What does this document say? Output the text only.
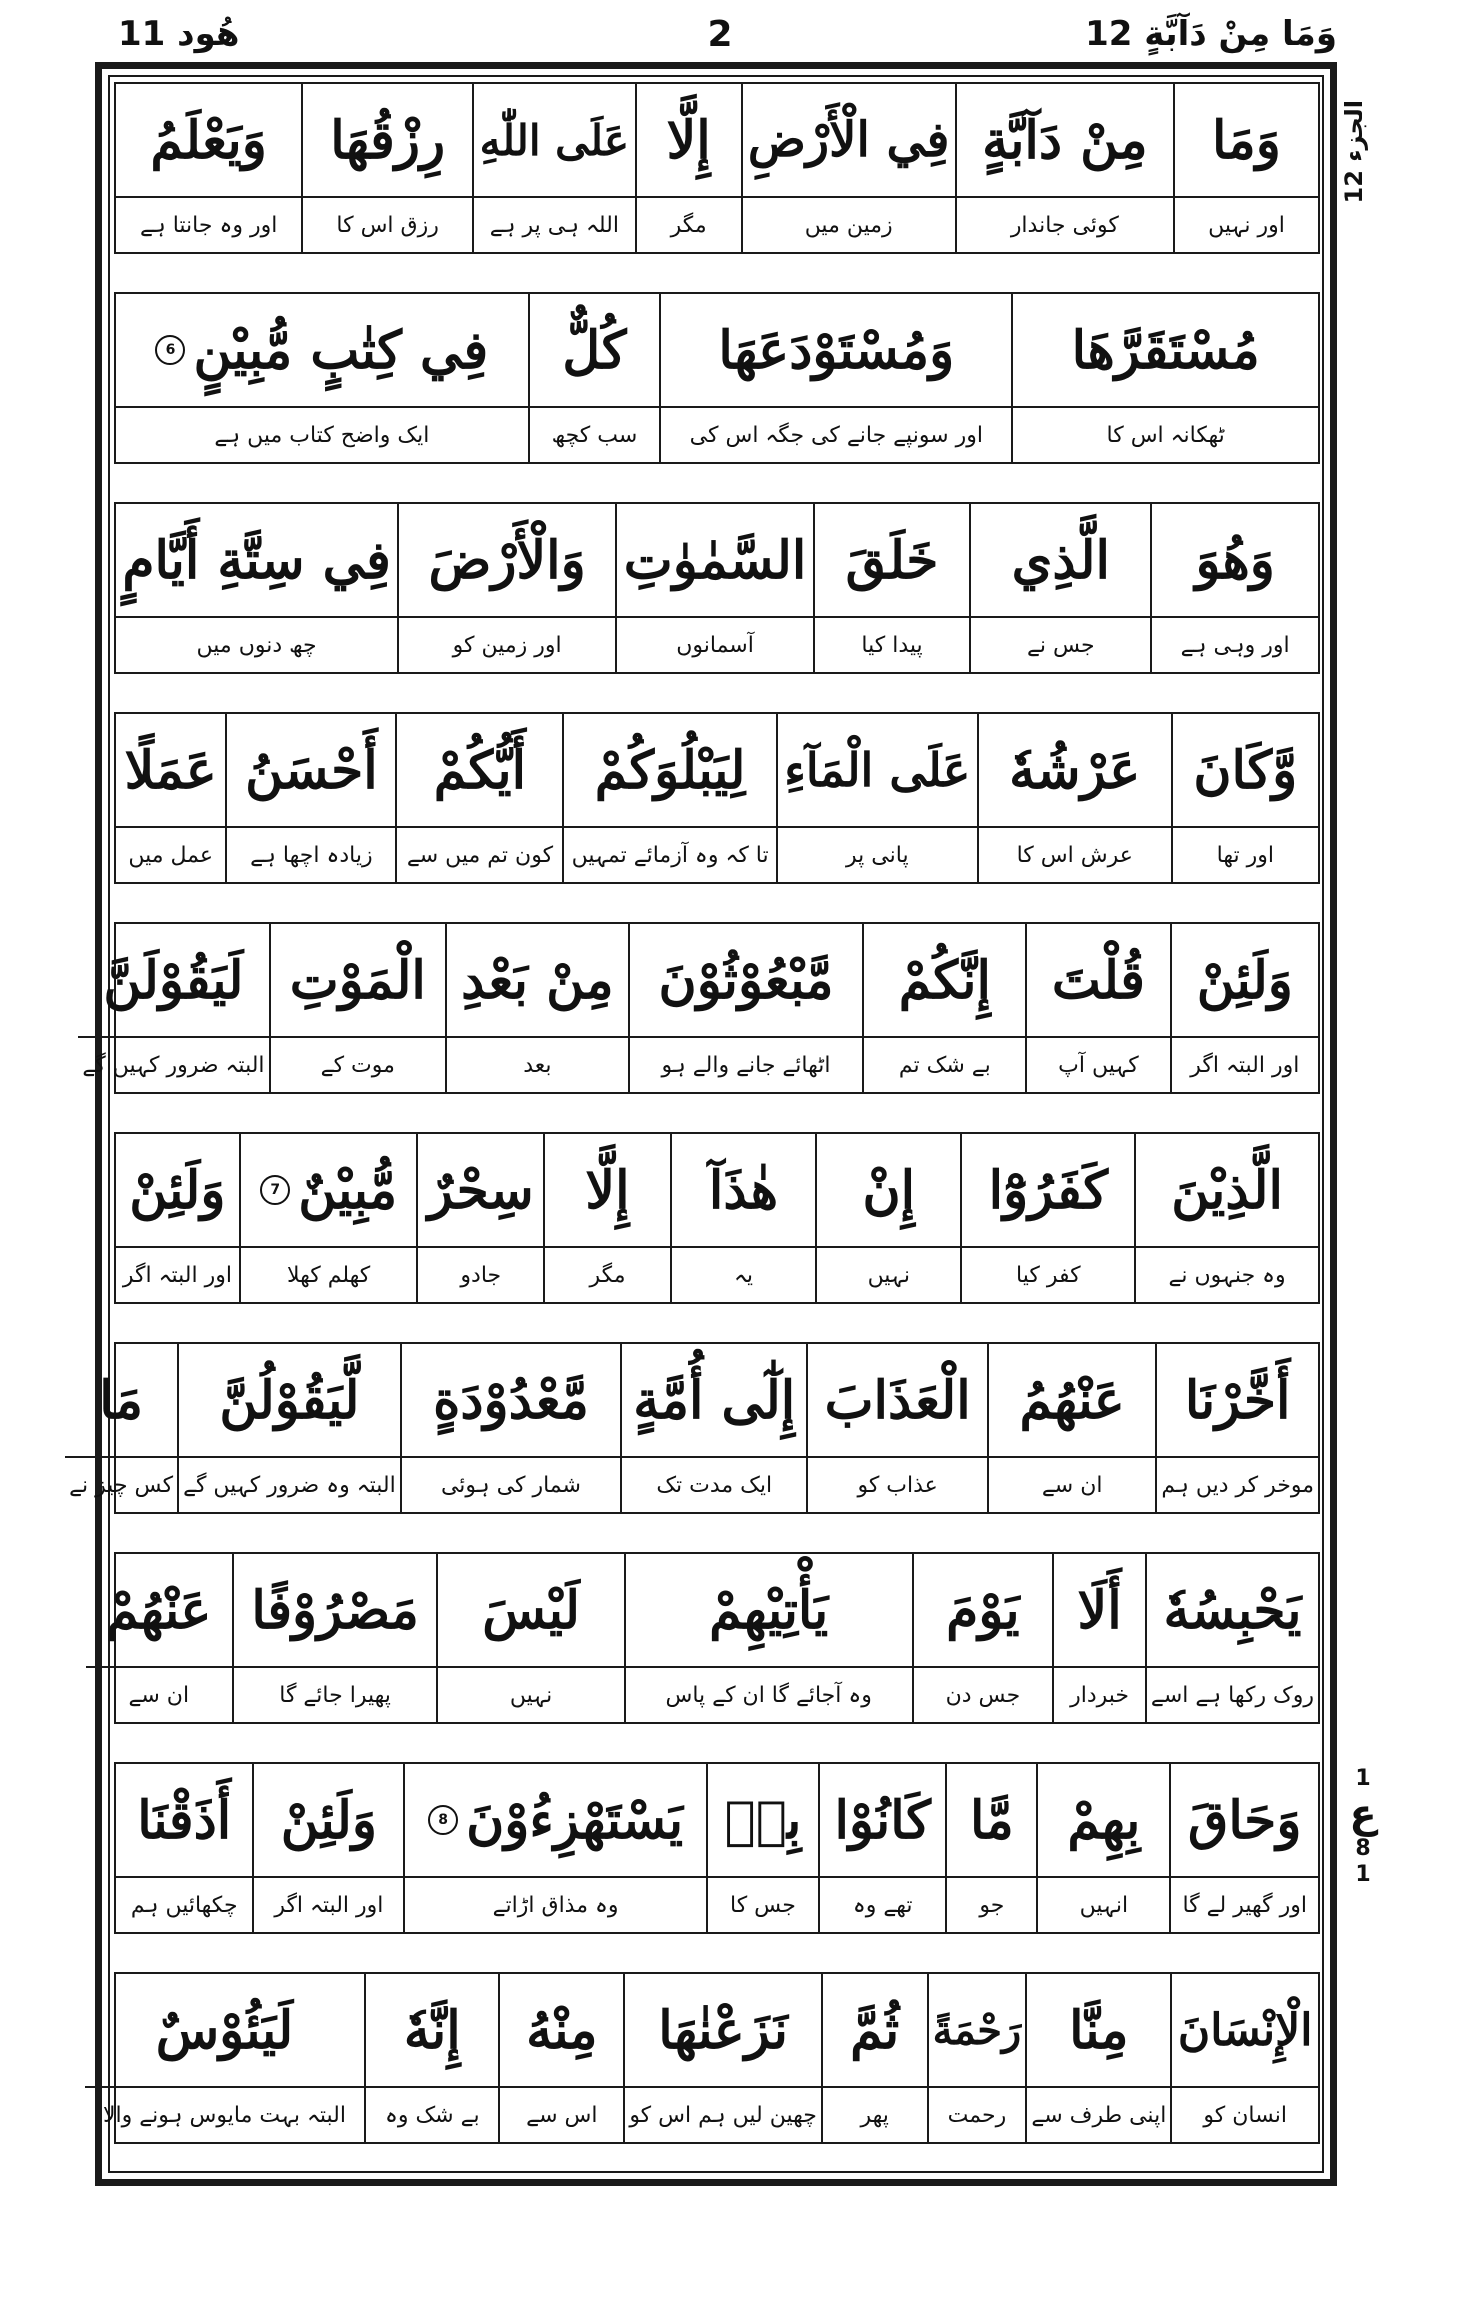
هُود 11	2	وَمَا مِنْ دَآبَّةٍ 12
الجزء 12
1
ع
8
1
وَمَا
اور نہیں
مِنْ دَآبَّةٍ
کوئی جاندار
فِي الْأَرْضِ
زمین میں
إِلَّا
مگر
عَلَى اللّٰهِ
اللہ ہی پر ہے
رِزْقُهَا
رزق اس کا
وَيَعْلَمُ
اور وہ جانتا ہے
مُسْتَقَرَّهَا
ٹھکانہ اس کا
وَمُسْتَوْدَعَهَا
اور سونپے جانے کی جگہ اس کی
كُلٌّ
سب کچھ
فِي كِتٰبٍ مُّبِيْنٍ
6
ایک واضح کتاب میں ہے
وَهُوَ
اور وہی ہے
الَّذِي
جس نے
خَلَقَ
پیدا کیا
السَّمٰوٰتِ
آسمانوں
وَالْأَرْضَ
اور زمین کو
فِي سِتَّةِ أَيَّامٍ
چھ دنوں میں
وَّكَانَ
اور تھا
عَرْشُهٗ
عرش اس کا
عَلَى الْمَآءِ
پانی پر
لِيَبْلُوَكُمْ
تا کہ وہ آزمائے تمہیں
أَيُّكُمْ
کون تم میں سے
أَحْسَنُ
زیادہ اچھا ہے
عَمَلًا
عمل میں
وَلَئِنْ
اور البتہ اگر
قُلْتَ
کہیں آپ
إِنَّكُمْ
بے شک تم
مَّبْعُوْثُوْنَ
اٹھائے جانے والے ہو
مِنْ بَعْدِ
بعد
الْمَوْتِ
موت کے
لَيَقُوْلَنَّ
البتہ ضرور کہیں گے
الَّذِيْنَ
وہ جنہوں نے
كَفَرُوْٓا
کفر کیا
إِنْ
نہیں
هٰذَآ
یہ
إِلَّا
مگر
سِحْرٌ
جادو
مُّبِيْنٌ
7
کھلم کھلا
وَلَئِنْ
اور البتہ اگر
أَخَّرْنَا
موخر کر دیں ہم
عَنْهُمُ
ان سے
الْعَذَابَ
عذاب کو
إِلٰٓى أُمَّةٍ
ایک مدت تک
مَّعْدُوْدَةٍ
شمار کی ہوئی
لَّيَقُوْلُنَّ
البتہ وہ ضرور کہیں گے
مَا
کس چیز نے
يَحْبِسُهٗ
روک رکھا ہے اسے
أَلَا
خبردار
يَوْمَ
جس دن
يَأْتِيْهِمْ
وہ آجائے گا ان کے پاس
لَيْسَ
نہیں
مَصْرُوْفًا
پھیرا جائے گا
عَنْهُمْ
ان سے
وَحَاقَ
اور گھیر لے گا
بِهِمْ
انہیں
مَّا
جو
كَانُوْا
تھے وہ
بِهٖ
جس کا
يَسْتَهْزِءُوْنَ
8
وہ مذاق اڑاتے
وَلَئِنْ
اور البتہ اگر
أَذَقْنَا
چکھائیں ہم
الْإِنْسَانَ
انسان کو
مِنَّا
اپنی طرف سے
رَحْمَةً
رحمت
ثُمَّ
پھر
نَزَعْنٰهَا
چھین لیں ہم اس کو
مِنْهُ
اس سے
إِنَّهٗ
بے شک وہ
لَيَئُوْسٌ
البتہ بہت مایوس ہونے والا
